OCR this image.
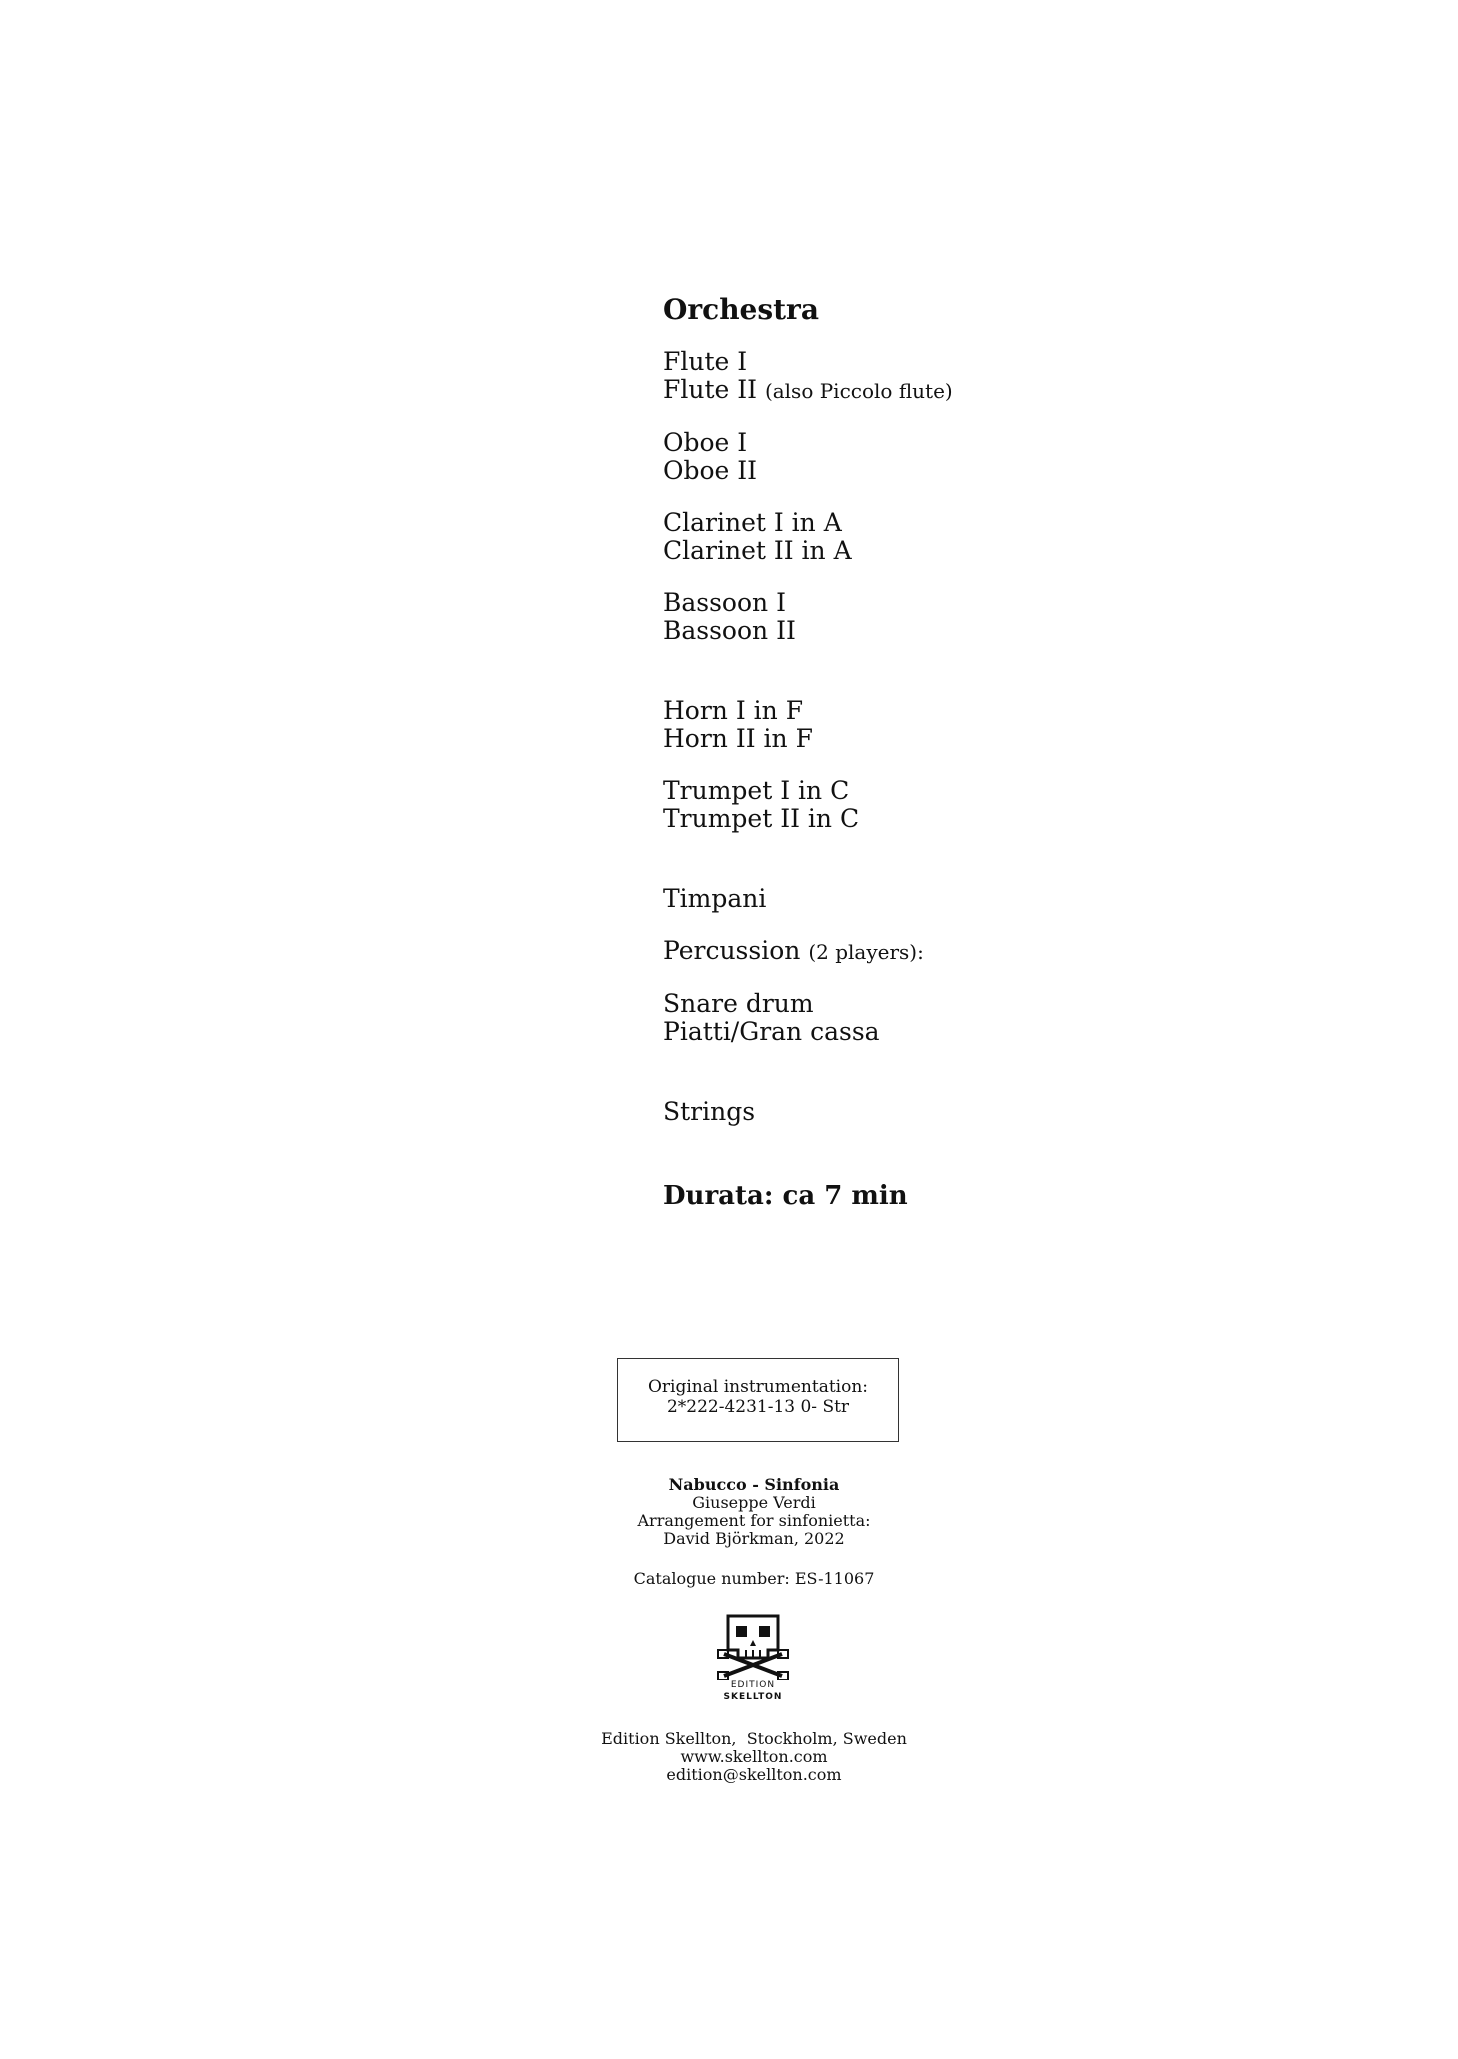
Orchestra
Flute I
Flute II (also Piccolo flute)
Oboe I
Oboe II
Clarinet I in A
Clarinet II in A
Bassoon I
Bassoon II
Horn I in F
Horn II in F
Trumpet I in C
Trumpet II in C
Timpani
Percussion (2 players):
Snare drum
Piatti/Gran cassa
Strings
Durata: ca 7 min
Original instrumentation:
2*222-4231-13 0- Str
Nabucco - Sinfonia
Giuseppe Verdi
Arrangement for sinfonietta:
David Björkman, 2022
Catalogue number: ES-11067
EDITION
SKELLTON
Edition Skellton,  Stockholm, Sweden
www.skellton.com
edition@skellton.com
